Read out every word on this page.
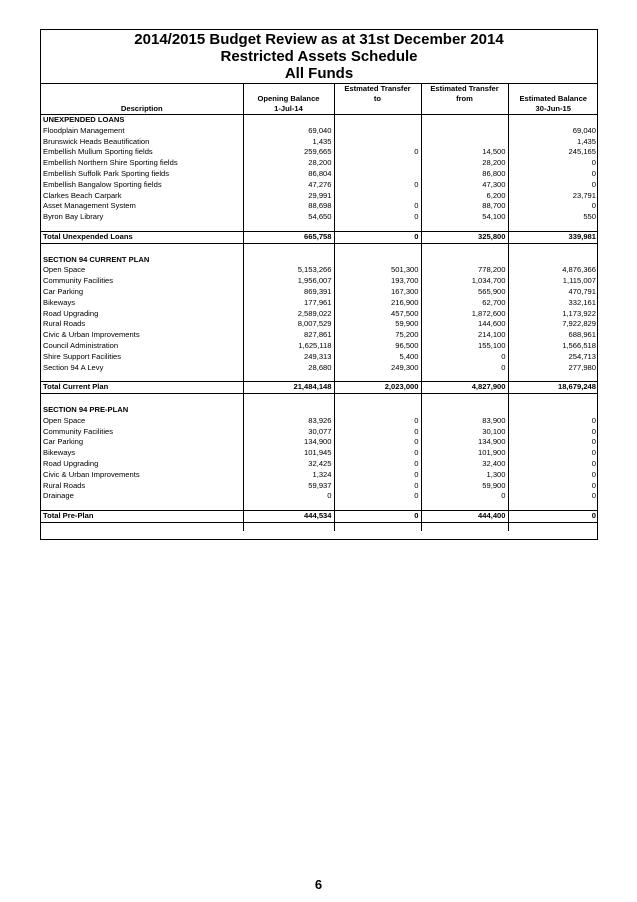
2014/2015 Budget Review as at 31st December 2014
Restricted Assets Schedule
All Funds
		Estmated Transfer	Estimated Transfer	
	Opening Balance	to	from	Estimated Balance
Description	1-Jul-14			30-Jun-15
UNEXPENDED LOANS				
Floodplain Management	69,040			69,040
Brunswick Heads Beautification	1,435			1,435
Embellish Mullum Sporting fields	259,665	0	14,500	245,165
Embellish Northern Shire Sporting fields	28,200		28,200	0
Embellish Suffolk Park Sporting fields	86,804		86,800	0
Embellish Bangalow Sporting fields	47,276	0	47,300	0
Clarkes Beach Carpark	29,991		6,200	23,791
Asset Management System	88,698	0	88,700	0
Byron Bay Library	54,650	0	54,100	550

Total Unexpended Loans	665,758	0	325,800	339,981

SECTION 94 CURRENT PLAN				
Open Space	5,153,266	501,300	778,200	4,876,366
Community Facilities	1,956,007	193,700	1,034,700	1,115,007
Car Parking	869,391	167,300	565,900	470,791
Bikeways	177,961	216,900	62,700	332,161
Road Upgrading	2,589,022	457,500	1,872,600	1,173,922
Rural Roads	8,007,529	59,900	144,600	7,922,829
Civic & Urban Improvements	827,861	75,200	214,100	688,961
Council Administration	1,625,118	96,500	155,100	1,566,518
Shire Support Facilities	249,313	5,400	0	254,713
Section 94 A Levy	28,680	249,300	0	277,980

Total Current Plan	21,484,148	2,023,000	4,827,900	18,679,248

SECTION 94 PRE-PLAN				
Open Space	83,926	0	83,900	0
Community Facilities	30,077	0	30,100	0
Car Parking	134,900	0	134,900	0
Bikeways	101,945	0	101,900	0
Road Upgrading	32,425	0	32,400	0
Civic & Urban Improvements	1,324	0	1,300	0
Rural Roads	59,937	0	59,900	0
Drainage	0	0	0	0

Total Pre-Plan	444,534	0	444,400	0

6
